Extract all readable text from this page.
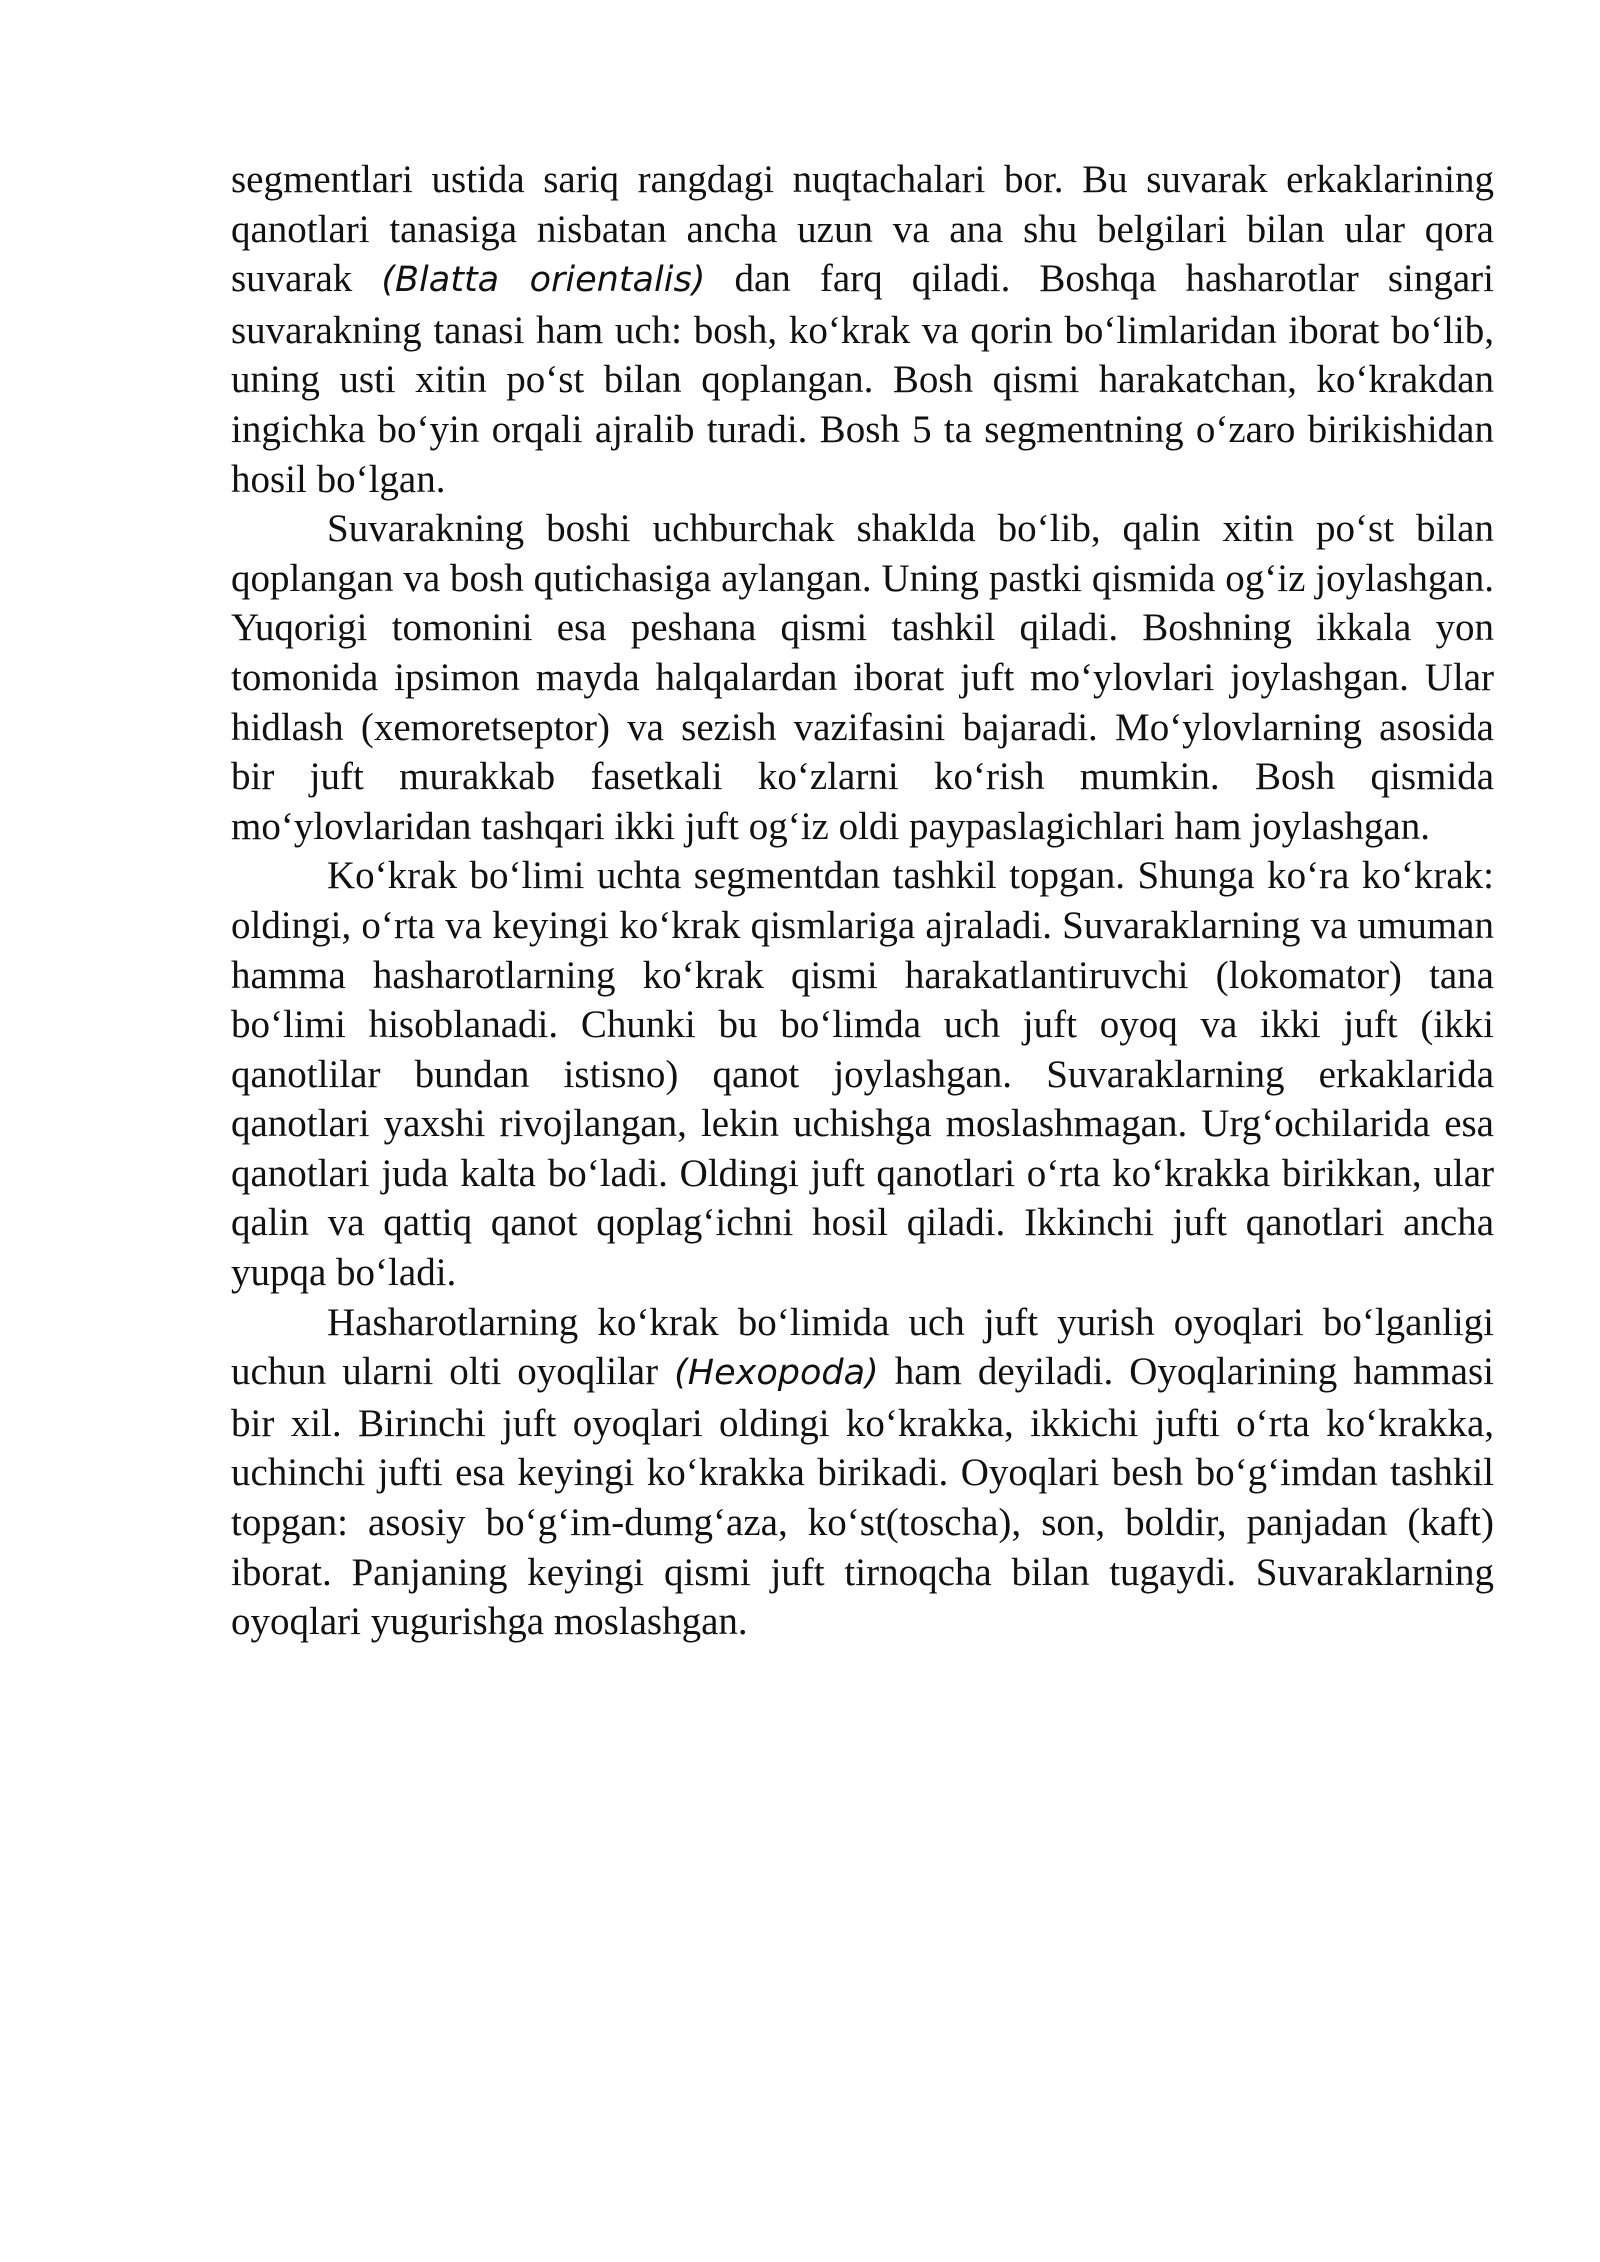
segmentlari ustida sariq rangdagi nuqtachalari bor. Bu suvarak erkaklarining qanotlari tanasiga nisbatan ancha uzun va ana shu belgilari bilan ular qora suvarak (Blatta orientalis) dan farq qiladi. Boshqa hasharotlar singari suvarakning tanasi ham uch: bosh, ko‘krak va qorin bo‘limlaridan iborat bo‘lib, uning usti xitin po‘st bilan qoplangan. Bosh qismi harakatchan, ko‘krakdan ingichka bo‘yin orqali ajralib turadi. Bosh 5 ta segmentning o‘zaro birikishidan hosil bo‘lgan.

Suvarakning boshi uchburchak shaklda bo‘lib, qalin xitin po‘st bilan qoplangan va bosh qutichasiga aylangan. Uning pastki qismida og‘iz joylashgan. Yuqorigi tomonini esa peshana qismi tashkil qiladi. Boshning ikkala yon tomonida ipsimon mayda halqalardan iborat juft mo‘ylovlari joylashgan. Ular hidlash (xemoretseptor) va sezish vazifasini bajaradi. Mo‘ylovlarning asosida bir juft murakkab fasetkali ko‘zlarni ko‘rish mumkin. Bosh qismida mo‘ylovlaridan tashqari ikki juft og‘iz oldi paypaslagichlari ham joylashgan.

Ko‘krak bo‘limi uchta segmentdan tashkil topgan. Shunga ko‘ra ko‘krak: oldingi, o‘rta va keyingi ko‘krak qismlariga ajraladi. Suvaraklarning va umuman hamma hasharotlarning ko‘krak qismi harakatlantiruvchi (lokomator) tana bo‘limi hisoblanadi. Chunki bu bo‘limda uch juft oyoq va ikki juft (ikki qanotlilar bundan istisno) qanot joylashgan. Suvaraklarning erkaklarida qanotlari yaxshi rivojlangan, lekin uchishga moslashmagan. Urg‘ochilarida esa qanotlari juda kalta bo‘ladi. Oldingi juft qanotlari o‘rta ko‘krakka birikkan, ular qalin va qattiq qanot qoplag‘ichni hosil qiladi. Ikkinchi juft qanotlari ancha yupqa bo‘ladi.

Hasharotlarning ko‘krak bo‘limida uch juft yurish oyoqlari bo‘lganligi uchun ularni olti oyoqlilar (Hexopoda) ham deyiladi. Oyoqlarining hammasi bir xil. Birinchi juft oyoqlari oldingi ko‘krakka, ikkichi jufti o‘rta ko‘krakka, uchinchi jufti esa keyingi ko‘krakka birikadi. Oyoqlari besh bo‘g‘imdan tashkil topgan: asosiy bo‘g‘im-dumg‘aza, ko‘st(toscha), son, boldir, panjadan (kaft) iborat. Panjaning keyingi qismi juft tirnoqcha bilan tugaydi. Suvaraklarning oyoqlari yugurishga moslashgan.
